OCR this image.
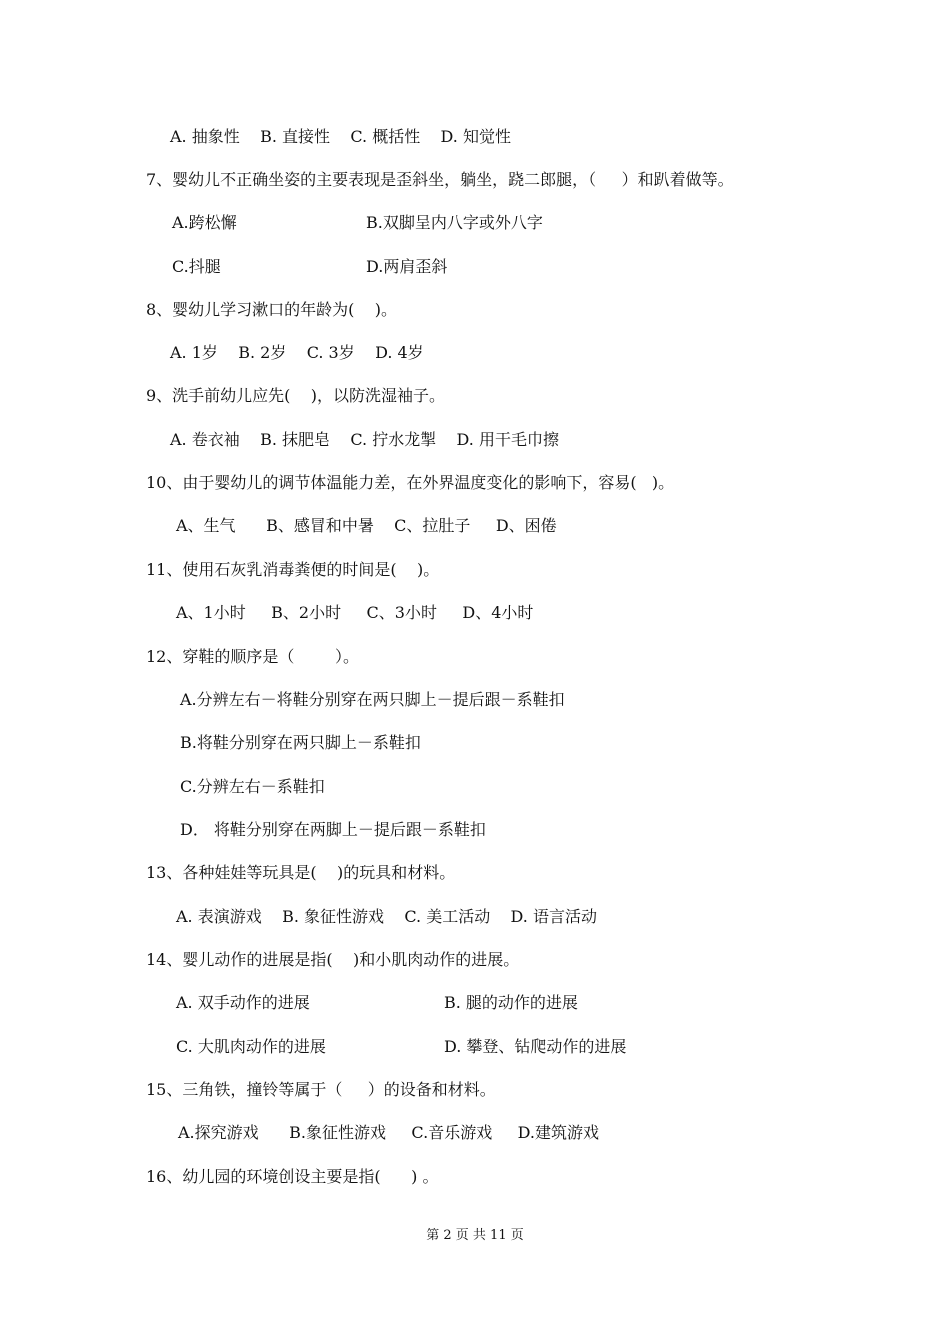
A. 抽象性    B. 直接性    C. 概括性    D. 知觉性
7、婴幼儿不正确坐姿的主要表现是歪斜坐，躺坐，跷二郎腿，（     ）和趴着做等。
A.跨松懈	B.双脚呈内八字或外八字
C.抖腿	D.两肩歪斜
8、婴幼儿学习漱口的年龄为(    )。
A. 1岁    B. 2岁    C. 3岁    D. 4岁
9、洗手前幼儿应先(    )，以防洗湿袖子。
A. 卷衣袖    B. 抹肥皂    C. 拧水龙掣    D. 用干毛巾擦
10、由于婴幼儿的调节体温能力差，在外界温度变化的影响下，容易(   )。
A、生气      B、感冒和中暑    C、拉肚子     D、困倦
11、使用石灰乳消毒粪便的时间是(    )。
A、1小时     B、2小时     C、3小时     D、4小时
12、穿鞋的顺序是（        ）。
A.分辨左右－将鞋分别穿在两只脚上－提后跟－系鞋扣
B.将鞋分别穿在两只脚上－系鞋扣
C.分辨左右－系鞋扣
D． 将鞋分别穿在两脚上－提后跟－系鞋扣
13、各种娃娃等玩具是(    )的玩具和材料。
A. 表演游戏    B. 象征性游戏    C. 美工活动    D. 语言活动
14、婴儿动作的进展是指(    )和小肌肉动作的进展。
A. 双手动作的进展	B. 腿的动作的进展
C. 大肌肉动作的进展	D. 攀登、钻爬动作的进展
15、三角铁，撞铃等属于（     ）的设备和材料。
A.探究游戏      B.象征性游戏     C.音乐游戏     D.建筑游戏
16、幼儿园的环境创设主要是指(      ) 。
第 2 页 共 11 页
